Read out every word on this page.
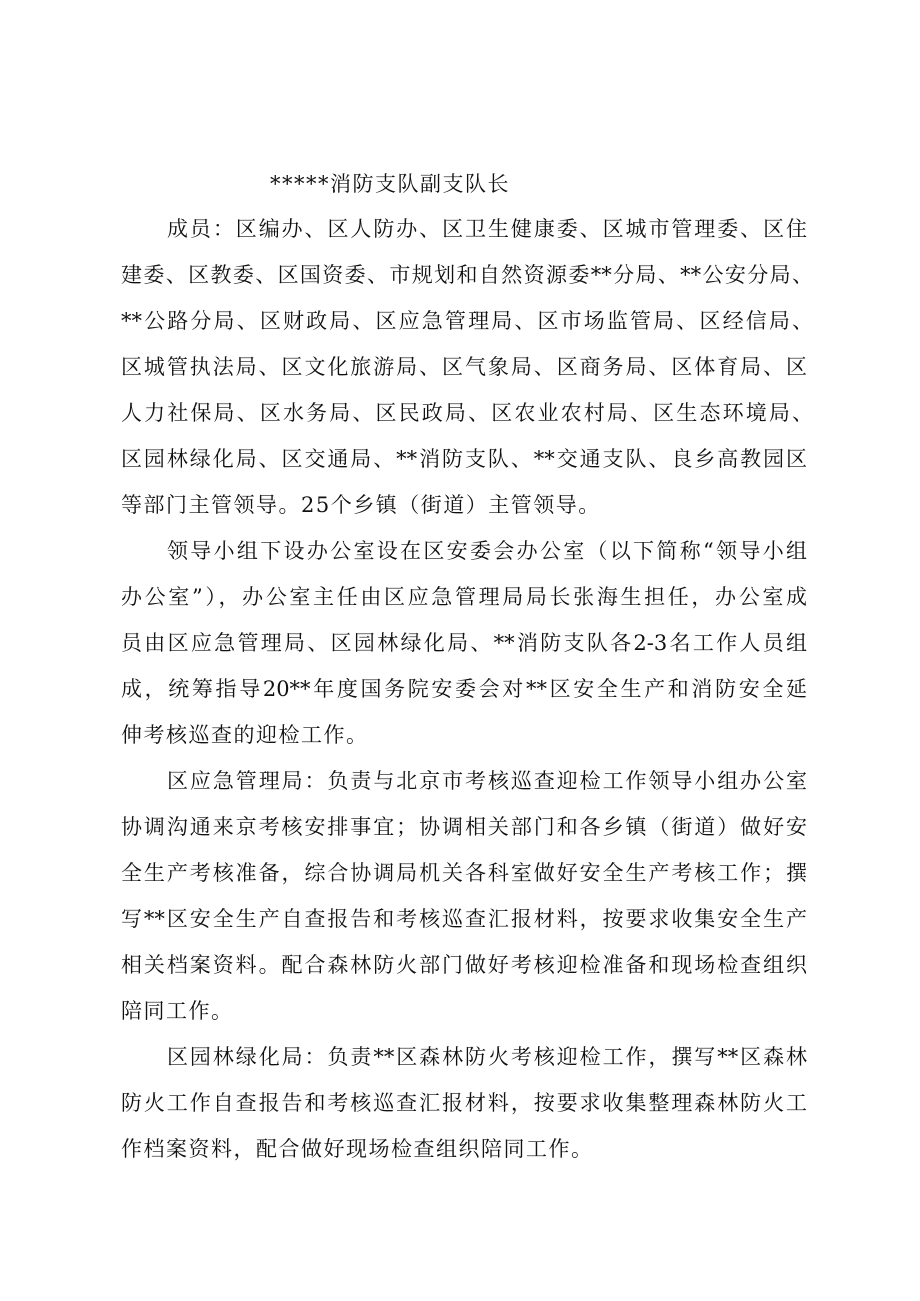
*****消防支队副支队长
成员：区编办、区人防办、区卫生健康委、区城市管理委、区住
建委、区教委、区国资委、市规划和自然资源委**分局、**公安分局、
**公路分局、区财政局、区应急管理局、区市场监管局、区经信局、
区城管执法局、区文化旅游局、区气象局、区商务局、区体育局、区
人力社保局、区水务局、区民政局、区农业农村局、区生态环境局、
区园林绿化局、区交通局、**消防支队、**交通支队、良乡高教园区
等部门主管领导。25个乡镇（街道）主管领导。
领导小组下设办公室设在区安委会办公室（以下简称“领导小组
办公室”），办公室主任由区应急管理局局长张海生担任，办公室成
员由区应急管理局、区园林绿化局、**消防支队各2-3名工作人员组
成，统筹指导20**年度国务院安委会对**区安全生产和消防安全延
伸考核巡查的迎检工作。
区应急管理局：负责与北京市考核巡查迎检工作领导小组办公室
协调沟通来京考核安排事宜；协调相关部门和各乡镇（街道）做好安
全生产考核准备，综合协调局机关各科室做好安全生产考核工作；撰
写**区安全生产自查报告和考核巡查汇报材料，按要求收集安全生产
相关档案资料。配合森林防火部门做好考核迎检准备和现场检查组织
陪同工作。
区园林绿化局：负责**区森林防火考核迎检工作，撰写**区森林
防火工作自查报告和考核巡查汇报材料，按要求收集整理森林防火工
作档案资料，配合做好现场检查组织陪同工作。
